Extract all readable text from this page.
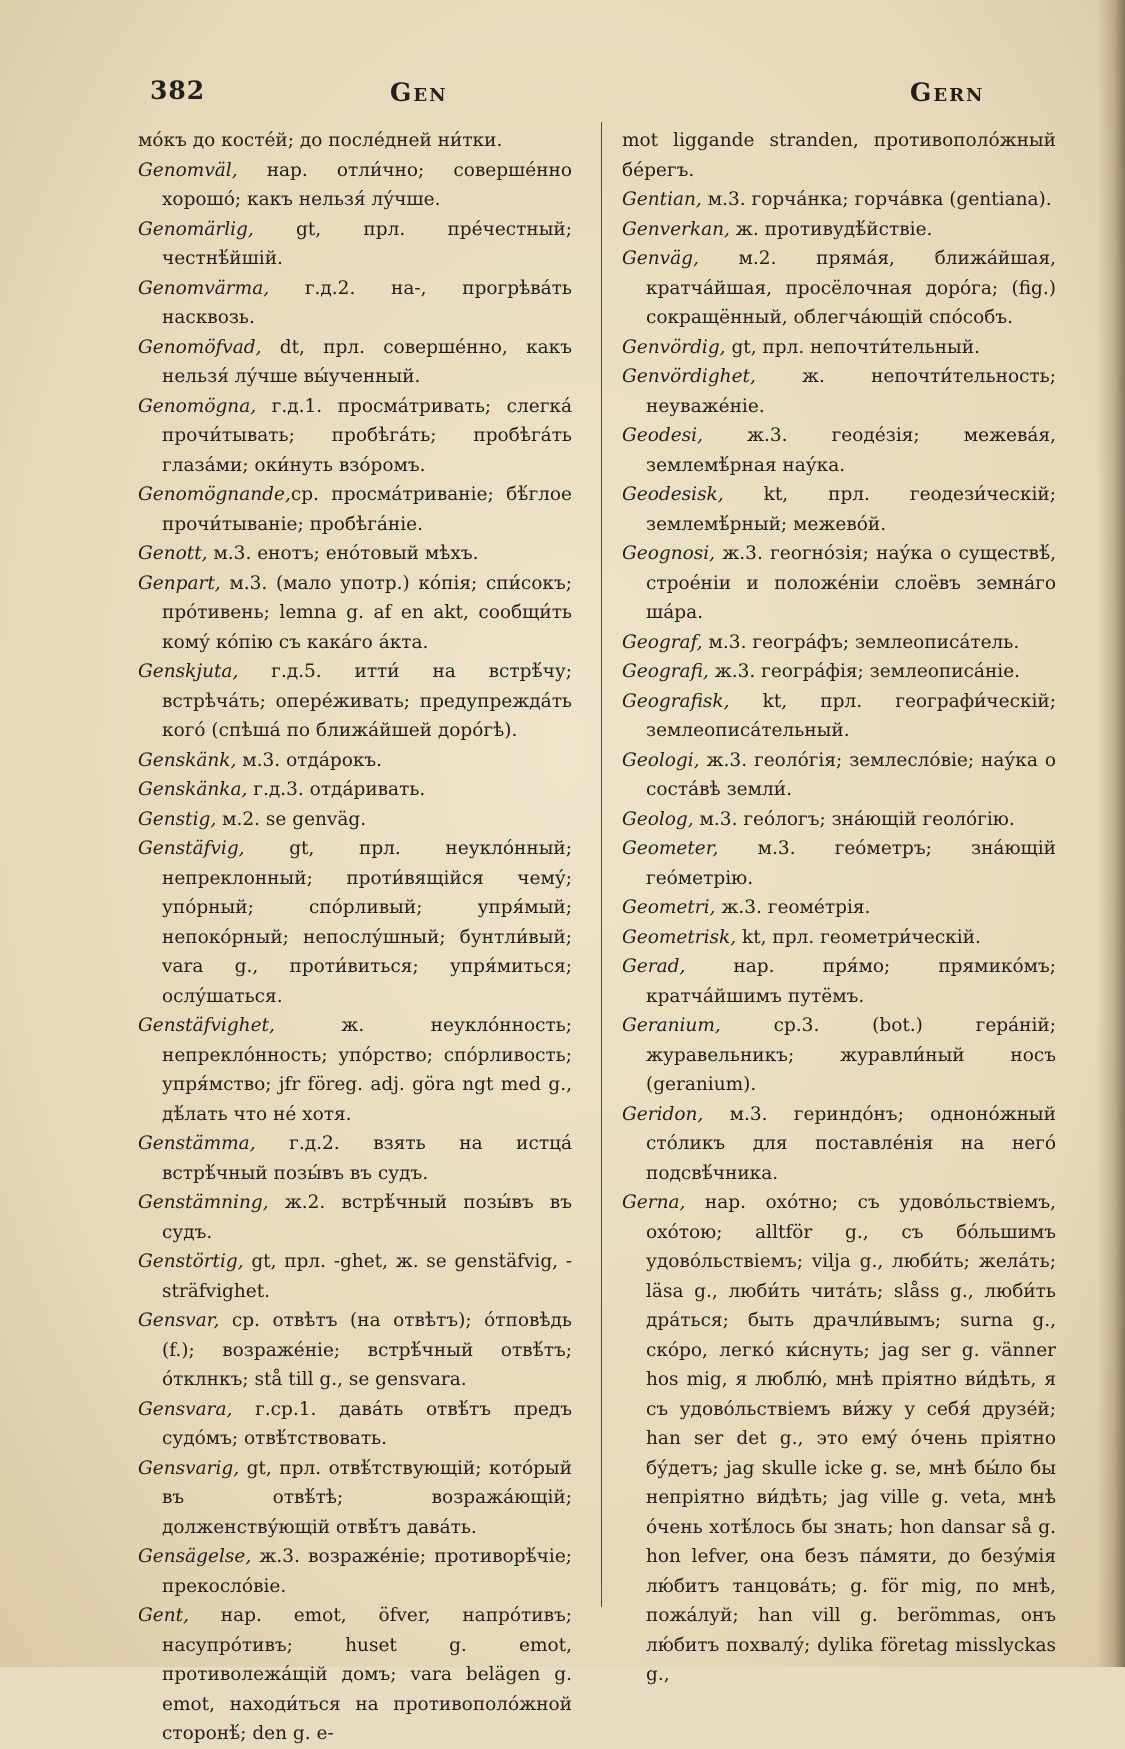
382	Gen	Gern

мо́къ до косте́й; до после́дней ни́тки.

Genomväl, нар. отли́чно; соверше́нно хорошо́; какъ нельзя́ лу́чше.

Genomärlig, gt, прл. пре́честный; честнѣ́йшій.

Genomvärma, г.д.2. на-, прогрѣва́ть насквозь.

Genomöfvad, dt, прл. соверше́нно, какъ нельзя́ лу́чше вы́ученный.

Genomögna, г.д.1. просма́тривать; слегка́ прочи́тывать; пробѣга́ть; пробѣга́ть глаза́ми; оки́нуть взо́ромъ.

Genomögnande,ср. просма́триваніе; бѣ́глое прочи́тываніе; пробѣга́ніе.

Genott, м.3. енотъ; ено́товый мѣхъ.

Genpart, м.3. (мало употр.) ко́пія; спи́сокъ; про́тивень; lemna g. af en akt, сообщи́ть кому́ ко́пію съ кака́го а́кта.

Genskjuta, г.д.5. итти́ на встрѣ́чу; встрѣча́ть; опере́живать; предупрежда́ть кого́ (спѣша́ по ближа́йшей доро́гѣ).

Genskänk, м.3. отда́рокъ.

Genskänka, г.д.3. отда́ривать.

Genstig, м.2. se genväg.

Genstäfvig, gt, прл. неукло́нный; непреклонный; проти́вящійся чему́; упо́рный; спо́рливый; упря́мый; непоко́рный; непослу́шный; бунтли́вый; vara g., проти́виться; упря́миться; ослу́шаться.

Genstäfvighet, ж. неукло́нность; непрекло́нность; упо́рство; спо́рливость; упря́мство; jfr föreg. adj. göra ngt med g., дѣ́лать что не́ хотя.

Genstämma, г.д.2. взять на истца́ встрѣ́чный позы́въ въ судъ.

Genstämning, ж.2. встрѣ́чный позы́въ въ судъ.

Genstörtig, gt, прл. -ghet, ж. se genstäfvig, -sträfvighet.

Gensvar, ср. отвѣтъ (на отвѣтъ); о́тповѣдь (f.); возраже́ніе; встрѣ́чный отвѣ́тъ; о́тклнкъ; stå till g., se gensvara.

Gensvara, г.ср.1. дава́ть отвѣ́тъ предъ судо́мъ; отвѣ́тствовать.

Gensvarig, gt, прл. отвѣ́тствующій; кото́рый въ отвѣ́тѣ; возража́ющій; долженству́ющій отвѣ́тъ дава́ть.

Gensägelse, ж.3. возраже́ніе; противорѣ́чіе; прекосло́віе.

Gent, нар. emot, öfver, напро́тивъ; насупро́тивъ; huset g. emot, противолежа́щій домъ; vara belägen g. emot, находи́ться на противополо́жной сторонѣ́; den g. e-

mot liggande stranden, противополо́жный бе́регъ.

Gentian, м.3. горча́нка; горча́вка (gentiana).

Genverkan, ж. противудѣ́йствіе.

Genväg, м.2. пряма́я, ближа́йшая, кратча́йшая, просёлочная доро́га; (fig.) сокращённый, облегча́ющій спо́собъ.

Genvördig, gt, прл. непочти́тельный.

Genvördighet, ж. непочти́тельность; неуваже́ніе.

Geodesi, ж.3. геоде́зія; межева́я, землемѣ́рная нау́ка.

Geodesisk, kt, прл. геодези́ческій; землемѣ́рный; межево́й.

Geognosi, ж.3. геогно́зія; нау́ка о существѣ́, строе́ніи и положе́ніи слоёвъ земна́го ша́ра.

Geograf, м.3. геогра́фъ; землеописа́тель.

Geografi, ж.3. геогра́фія; землеописа́ніе.

Geografisk, kt, прл. географи́ческій; землеописа́тельный.

Geologi, ж.3. геоло́гія; землесло́віе; нау́ка о соста́вѣ земли́.

Geolog, м.3. гео́логъ; зна́ющій геоло́гію.

Geometer, м.3. гео́метръ; зна́ющій гео́метрію.

Geometri, ж.3. геоме́трія.

Geometrisk, kt, прл. геометри́ческій.

Gerad, нар. пря́мо; прямико́мъ; кратча́йшимъ путёмъ.

Geranium, ср.3. (bot.) гера́ній; журавельникъ; журавли́ный носъ (geranium).

Geridon, м.3. гериндо́нъ; одноно́жный сто́ликъ для поставле́нія на него́ подсвѣ́чника.

Gerna, нар. охо́тно; съ удово́льствіемъ, охо́тою; alltför g., съ бо́льшимъ удово́льствіемъ; vilja g., люби́ть; жела́ть; läsa g., люби́ть чита́ть; slåss g., люби́ть дра́ться; быть драчли́вымъ; surna g., ско́ро, легко́ ки́снуть; jag ser g. vänner hos mig, я люблю́, мнѣ пріятно ви́дѣть, я съ удово́льствіемъ ви́жу у себя́ друзе́й; han ser det g., это ему́ о́чень пріятно бу́детъ; jag skulle icke g. se, мнѣ бы́ло бы непріятно ви́дѣть; jag ville g. veta, мнѣ о́чень хотѣ́лось бы знать; hon dansar så g. hon lefver, она безъ па́мяти, до безу́мія лю́битъ танцова́ть; g. för mig, по мнѣ, пожа́луй; han vill g. berömmas, онъ лю́битъ похвалу́; dylika företag misslyckas g.,
